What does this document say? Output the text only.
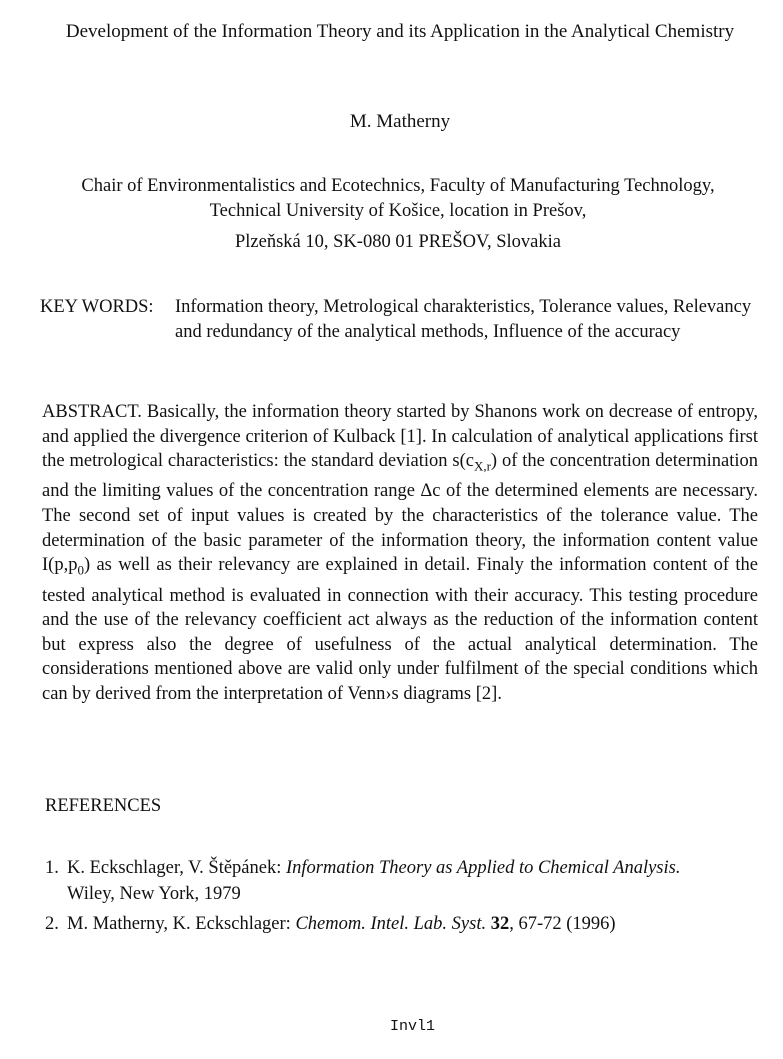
Development of the Information Theory and its Application in the Analytical Chemistry
M. Matherny
Chair of Environmentalistics and Ecotechnics, Faculty of Manufacturing Technology,
Technical University of Košice, location in Prešov,
Plzeňská 10, SK-080 01 PREŠOV, Slovakia
KEY WORDS: Information theory, Metrological charakteristics, Tolerance values, Relevancy and redundancy of the analytical methods, Influence of the accuracy
ABSTRACT. Basically, the information theory started by Shanons work on decrease of entropy, and applied the divergence criterion of Kulback [1]. In calculation of analytical applications first the metrological characteristics: the standard deviation $s(c_{X,r})$ of the concentration determination and the limiting values of the concentration range Δc of the determined elements are necessary. The second set of input values is created by the characteristics of the tolerance value. The determination of the basic parameter of the information theory, the information content value $I(p,p_0)$ as well as their relevancy are explained in detail. Finaly the information content of the tested analytical method is evaluated in connection with their accuracy. This testing procedure and the use of the relevancy coefficient act always as the reduction of the information content but express also the degree of usefulness of the actual analytical determination. The considerations mentioned above are valid only under fulfilment of the special conditions which can by derived from the interpretation of Venn›s diagrams [2].
REFERENCES
1. K. Eckschlager, V. Štěpánek: Information Theory as Applied to Chemical Analysis.
Wiley, New York, 1979
2. M. Matherny, K. Eckschlager: Chemom. Intel. Lab. Syst. 32, 67-72 (1996)
Invl1
